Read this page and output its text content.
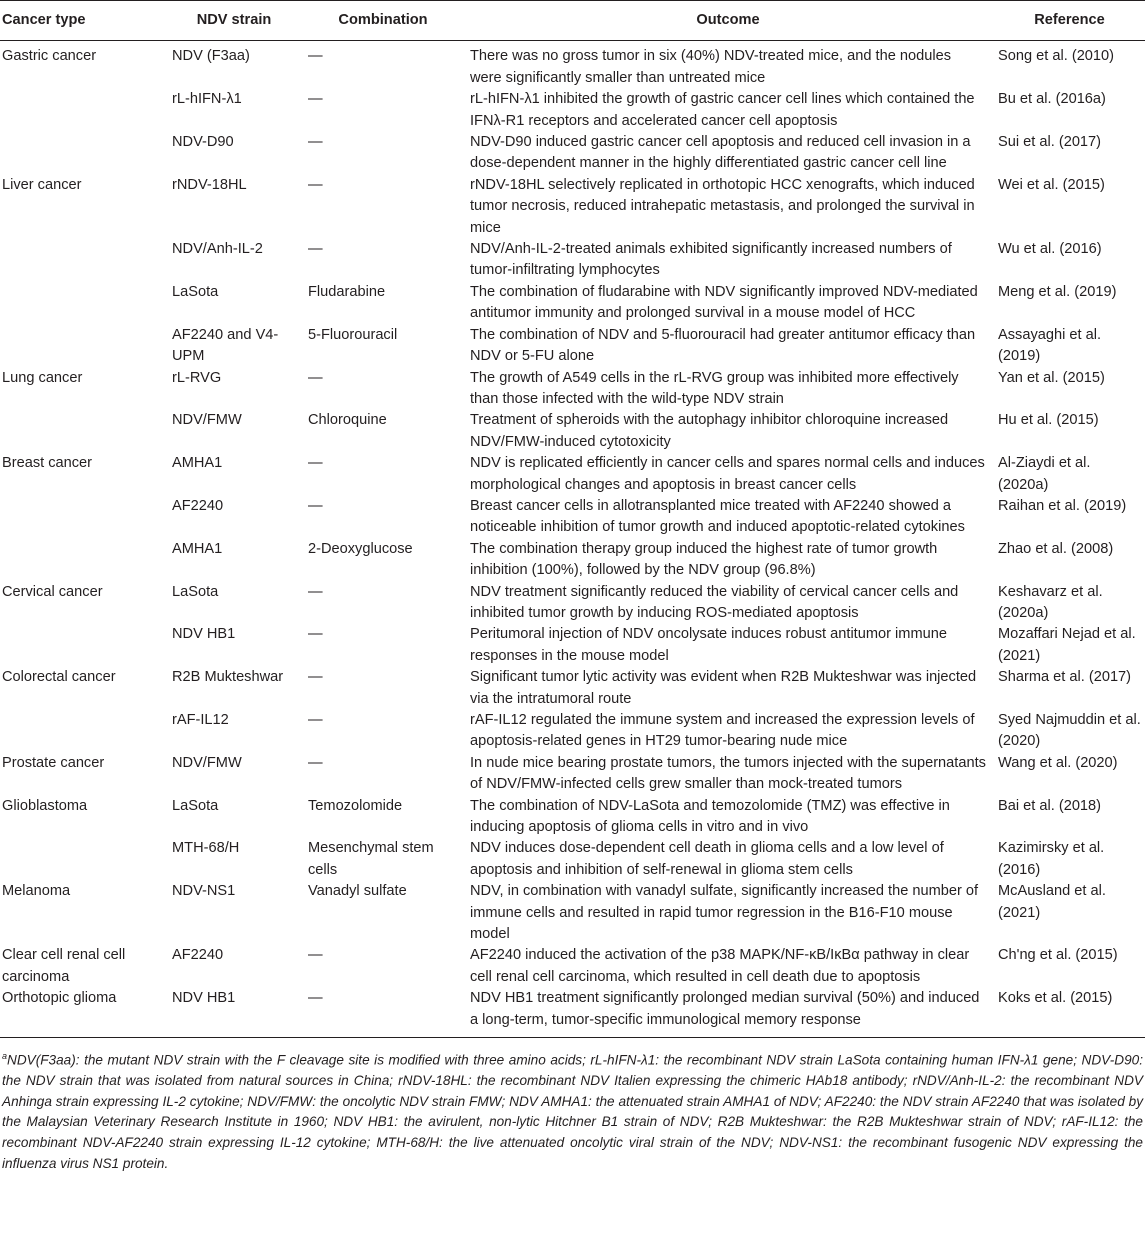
Cancer type	NDV strain	Combination	Outcome	Reference
Gastric cancer	NDV (F3aa)	—	There was no gross tumor in six (40%) NDV-treated mice, and the nodules were significantly smaller than untreated mice	Song et al. (2010)
	rL-hIFN-λ1	—	rL-hIFN-λ1 inhibited the growth of gastric cancer cell lines which contained the IFNλ-R1 receptors and accelerated cancer cell apoptosis	Bu et al. (2016a)
	NDV-D90	—	NDV-D90 induced gastric cancer cell apoptosis and reduced cell invasion in a dose-dependent manner in the highly differentiated gastric cancer cell line	Sui et al. (2017)
Liver cancer	rNDV-18HL	—	rNDV-18HL selectively replicated in orthotopic HCC xenografts, which induced tumor necrosis, reduced intrahepatic metastasis, and prolonged the survival in mice	Wei et al. (2015)
	NDV/Anh-IL-2	—	NDV/Anh-IL-2-treated animals exhibited significantly increased numbers of tumor-infiltrating lymphocytes	Wu et al. (2016)
	LaSota	Fludarabine	The combination of fludarabine with NDV significantly improved NDV-mediated antitumor immunity and prolonged survival in a mouse model of HCC	Meng et al. (2019)
	AF2240 and V4-UPM	5-Fluorouracil	The combination of NDV and 5-fluorouracil had greater antitumor efficacy than NDV or 5-FU alone	Assayaghi et al. (2019)
Lung cancer	rL-RVG	—	The growth of A549 cells in the rL-RVG group was inhibited more effectively than those infected with the wild-type NDV strain	Yan et al. (2015)
	NDV/FMW	Chloroquine	Treatment of spheroids with the autophagy inhibitor chloroquine increased NDV/FMW-induced cytotoxicity	Hu et al. (2015)
Breast cancer	AMHA1	—	NDV is replicated efficiently in cancer cells and spares normal cells and induces morphological changes and apoptosis in breast cancer cells	Al-Ziaydi et al. (2020a)
	AF2240	—	Breast cancer cells in allotransplanted mice treated with AF2240 showed a noticeable inhibition of tumor growth and induced apoptotic-related cytokines	Raihan et al. (2019)
	AMHA1	2-Deoxyglucose	The combination therapy group induced the highest rate of tumor growth inhibition (100%), followed by the NDV group (96.8%)	Zhao et al. (2008)
Cervical cancer	LaSota	—	NDV treatment significantly reduced the viability of cervical cancer cells and inhibited tumor growth by inducing ROS-mediated apoptosis	Keshavarz et al. (2020a)
	NDV HB1	—	Peritumoral injection of NDV oncolysate induces robust antitumor immune responses in the mouse model	Mozaffari Nejad et al. (2021)
Colorectal cancer	R2B Mukteshwar	—	Significant tumor lytic activity was evident when R2B Mukteshwar was injected via the intratumoral route	Sharma et al. (2017)
	rAF-IL12	—	rAF-IL12 regulated the immune system and increased the expression levels of apoptosis-related genes in HT29 tumor-bearing nude mice	Syed Najmuddin et al. (2020)
Prostate cancer	NDV/FMW	—	In nude mice bearing prostate tumors, the tumors injected with the supernatants of NDV/FMW-infected cells grew smaller than mock-treated tumors	Wang et al. (2020)
Glioblastoma	LaSota	Temozolomide	The combination of NDV-LaSota and temozolomide (TMZ) was effective in inducing apoptosis of glioma cells in vitro and in vivo	Bai et al. (2018)
	MTH-68/H	Mesenchymal stem cells	NDV induces dose-dependent cell death in glioma cells and a low level of apoptosis and inhibition of self-renewal in glioma stem cells	Kazimirsky et al. (2016)
Melanoma	NDV-NS1	Vanadyl sulfate	NDV, in combination with vanadyl sulfate, significantly increased the number of immune cells and resulted in rapid tumor regression in the B16-F10 mouse model	McAusland et al. (2021)
Clear cell renal cell carcinoma	AF2240	—	AF2240 induced the activation of the p38 MAPK/NF-κB/IκBα pathway in clear cell renal cell carcinoma, which resulted in cell death due to apoptosis	Ch'ng et al. (2015)
Orthotopic glioma	NDV HB1	—	NDV HB1 treatment significantly prolonged median survival (50%) and induced a long-term, tumor-specific immunological memory response	Koks et al. (2015)
$^a$NDV(F3aa): the mutant NDV strain with the F cleavage site is modified with three amino acids; rL-hIFN-λ1: the recombinant NDV strain LaSota containing human IFN-λ1 gene; NDV-D90: the NDV strain that was isolated from natural sources in China; rNDV-18HL: the recombinant NDV Italien expressing the chimeric HAb18 antibody; rNDV/Anh-IL-2: the recombinant NDV Anhinga strain expressing IL-2 cytokine; NDV/FMW: the oncolytic NDV strain FMW; NDV AMHA1: the attenuated strain AMHA1 of NDV; AF2240: the NDV strain AF2240 that was isolated by the Malaysian Veterinary Research Institute in 1960; NDV HB1: the avirulent, non-lytic Hitchner B1 strain of NDV; R2B Mukteshwar: the R2B Mukteshwar strain of NDV; rAF-IL12: the recombinant NDV-AF2240 strain expressing IL-12 cytokine; MTH-68/H: the live attenuated oncolytic viral strain of the NDV; NDV-NS1: the recombinant fusogenic NDV expressing the influenza virus NS1 protein.
